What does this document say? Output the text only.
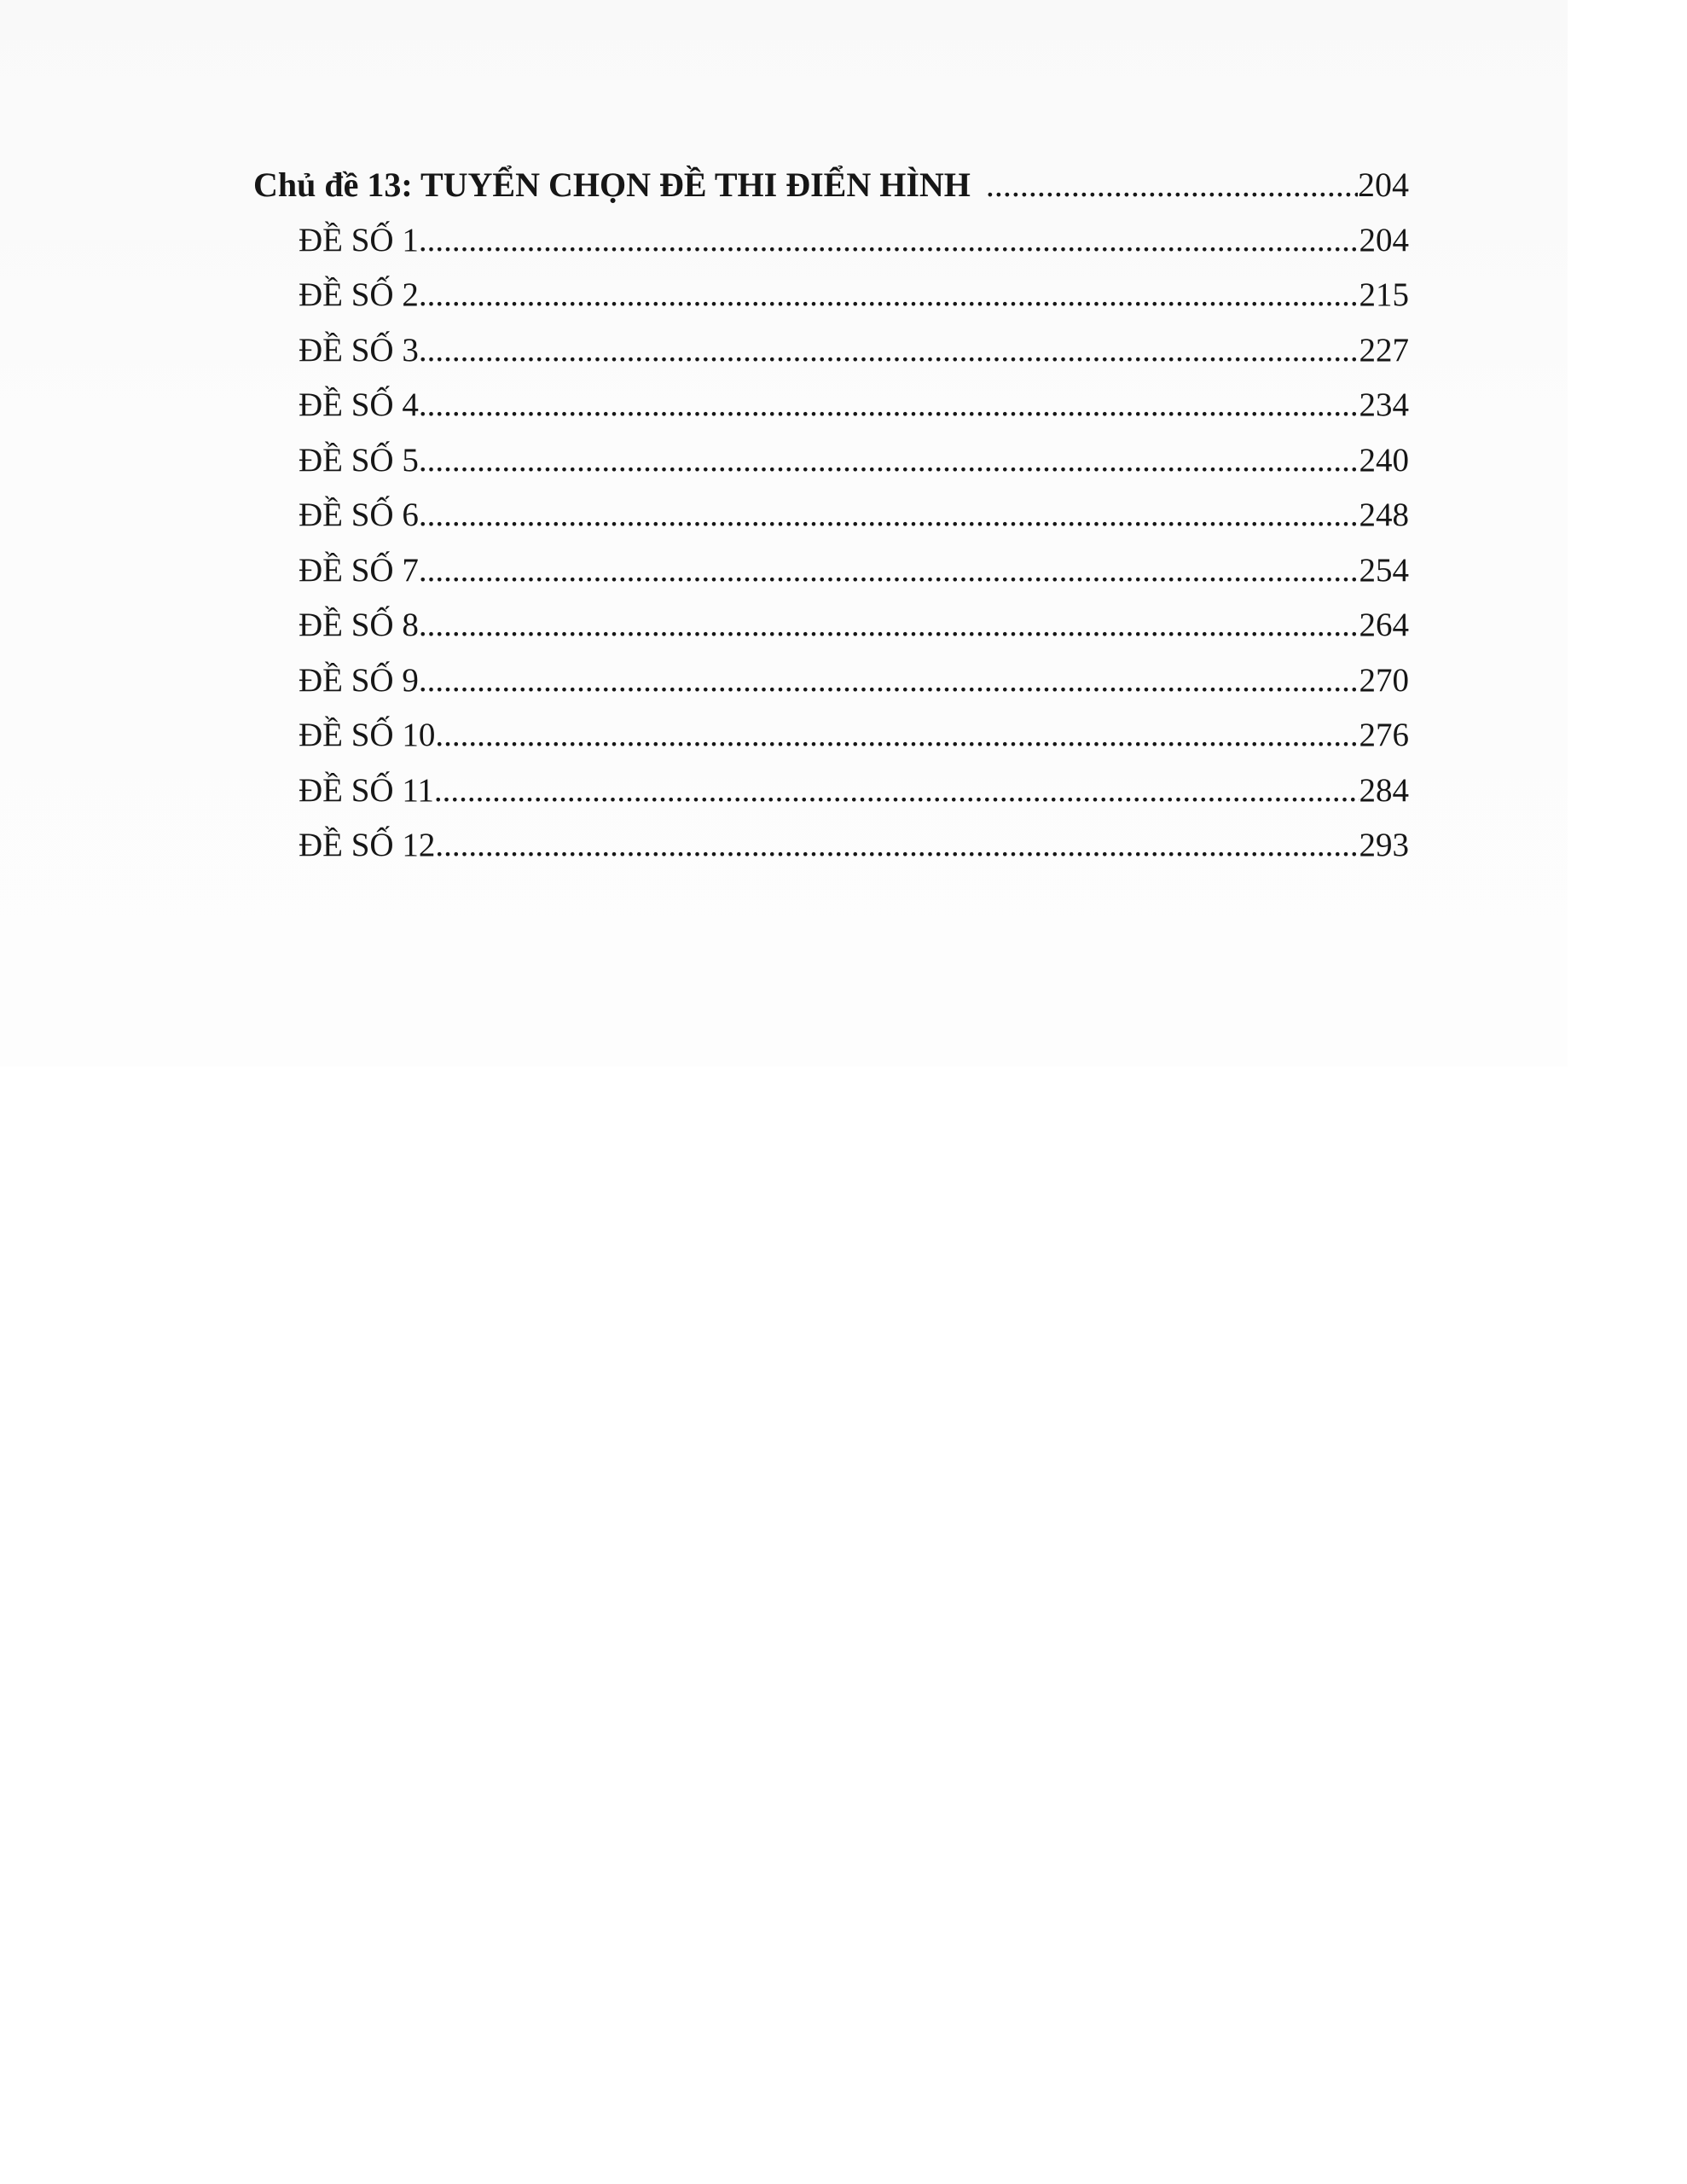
Chủ đề 13: TUYỂN CHỌN ĐỀ THI ĐIỂN HÌNH .....	204
ĐỀ SỐ 1 .....	204
ĐỀ SỐ 2 .....	215
ĐỀ SỐ 3 .....	227
ĐỀ SỐ 4 .....	234
ĐỀ SỐ 5 .....	240
ĐỀ SỐ 6 .....	248
ĐỀ SỐ 7 .....	254
ĐỀ SỐ 8 .....	264
ĐỀ SỐ 9 .....	270
ĐỀ SỐ 10 .....	276
ĐỀ SỐ 11 .....	284
ĐỀ SỐ 12 .....	293
